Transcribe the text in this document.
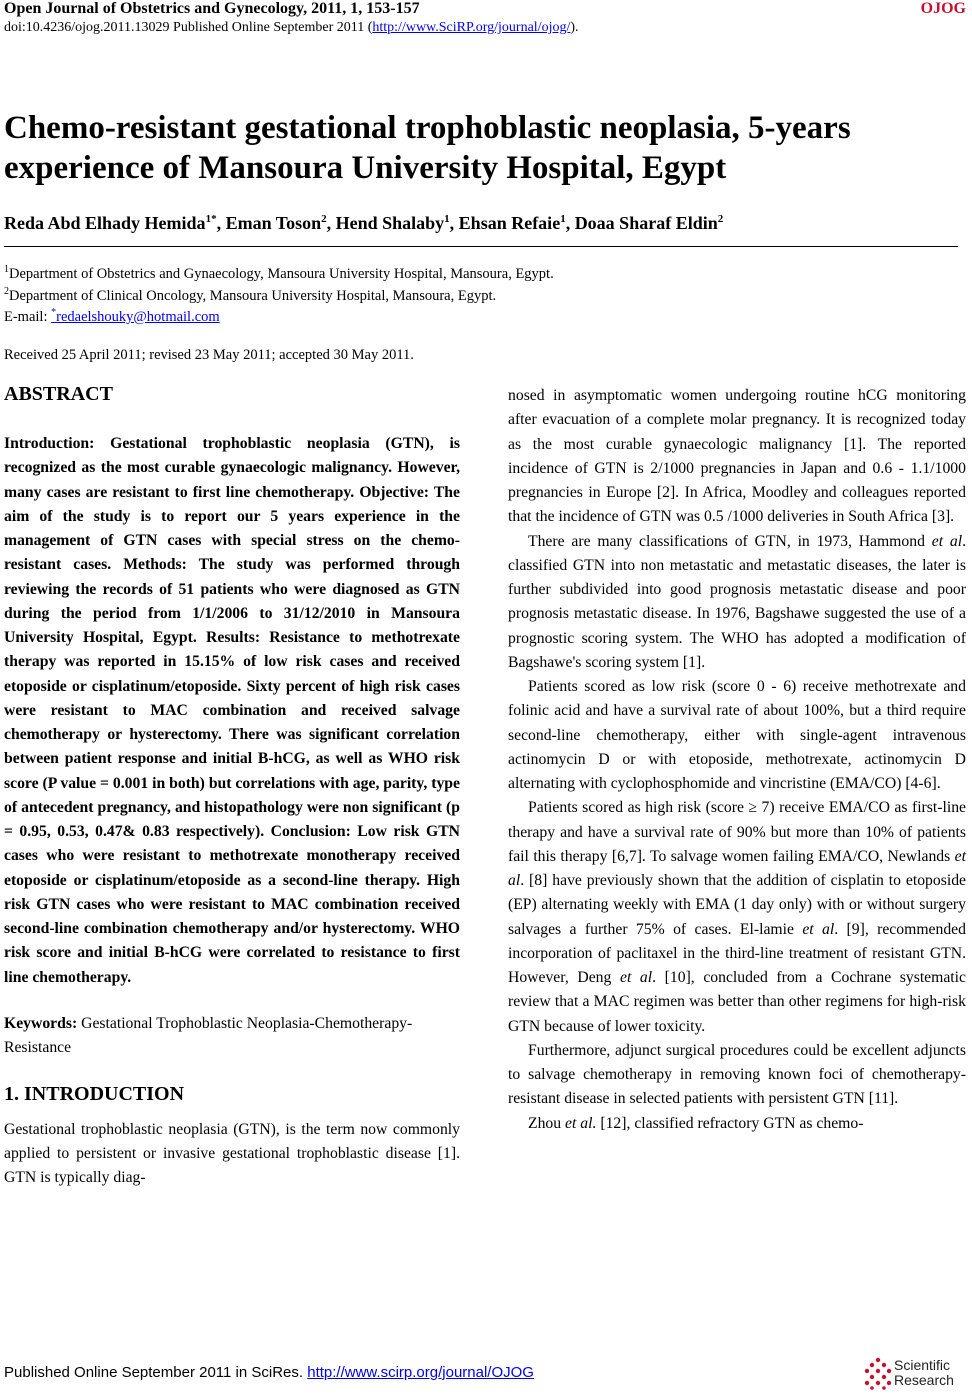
Open Journal of Obstetrics and Gynecology, 2011, 1, 153-157	OJOG
doi:10.4236/ojog.2011.13029 Published Online September 2011 (http://www.SciRP.org/journal/ojog/).
Chemo-resistant gestational trophoblastic neoplasia, 5-years experience of Mansoura University Hospital, Egypt
Reda Abd Elhady Hemida$^{1*}$, Eman Toson$^2$, Hend Shalaby$^1$, Ehsan Refaie$^1$, Doaa Sharaf Eldin$^2$
$^1$Department of Obstetrics and Gynaecology, Mansoura University Hospital, Mansoura, Egypt.
$^2$Department of Clinical Oncology, Mansoura University Hospital, Mansoura, Egypt.
E-mail: *redaelshouky@hotmail.com
Received 25 April 2011; revised 23 May 2011; accepted 30 May 2011.

ABSTRACT

Introduction: Gestational trophoblastic neoplasia (GTN), is recognized as the most curable gynaecologic malignancy. However, many cases are resistant to first line chemotherapy. Objective: The aim of the study is to report our 5 years experience in the management of GTN cases with special stress on the chemo-resistant cases. Methods: The study was performed through reviewing the records of 51 patients who were diagnosed as GTN during the period from 1/1/2006 to 31/12/2010 in Mansoura University Hospital, Egypt. Results: Resistance to methotrexate therapy was reported in 15.15% of low risk cases and received etoposide or cisplatinum/etoposide. Sixty percent of high risk cases were resistant to MAC combination and received salvage chemotherapy or hysterectomy. There was significant correlation between patient response and initial B-hCG, as well as WHO risk score (P value = 0.001 in both) but correlations with age, parity, type of antecedent pregnancy, and histopathology were non significant (p = 0.95, 0.53, 0.47& 0.83 respectively). Conclusion: Low risk GTN cases who were resistant to methotrexate monotherapy received etoposide or cisplatinum/etoposide as a second-line therapy. High risk GTN cases who were resistant to MAC combination received second-line combination chemotherapy and/or hysterectomy. WHO risk score and initial B-hCG were correlated to resistance to first line chemotherapy.

Keywords: Gestational Trophoblastic Neoplasia-Chemotherapy-Resistance

1. INTRODUCTION

Gestational trophoblastic neoplasia (GTN), is the term now commonly applied to persistent or invasive gestational trophoblastic disease [1]. GTN is typically diag-

nosed in asymptomatic women undergoing routine hCG monitoring after evacuation of a complete molar pregnancy. It is recognized today as the most curable gynaecologic malignancy [1]. The reported incidence of GTN is 2/1000 pregnancies in Japan and 0.6 - 1.1/1000 pregnancies in Europe [2]. In Africa, Moodley and colleagues reported that the incidence of GTN was 0.5 /1000 deliveries in South Africa [3].

There are many classifications of GTN, in 1973, Hammond et al. classified GTN into non metastatic and metastatic diseases, the later is further subdivided into good prognosis metastatic disease and poor prognosis metastatic disease. In 1976, Bagshawe suggested the use of a prognostic scoring system. The WHO has adopted a modification of Bagshawe's scoring system [1].

Patients scored as low risk (score 0 - 6) receive methotrexate and folinic acid and have a survival rate of about 100%, but a third require second-line chemotherapy, either with single-agent intravenous actinomycin D or with etoposide, methotrexate, actinomycin D alternating with cyclophosphomide and vincristine (EMA/CO) [4-6].

Patients scored as high risk (score ≥ 7) receive EMA/CO as first-line therapy and have a survival rate of 90% but more than 10% of patients fail this therapy [6,7]. To salvage women failing EMA/CO, Newlands et al. [8] have previously shown that the addition of cisplatin to etoposide (EP) alternating weekly with EMA (1 day only) with or without surgery salvages a further 75% of cases. El-lamie et al. [9], recommended incorporation of paclitaxel in the third-line treatment of resistant GTN. However, Deng et al. [10], concluded from a Cochrane systematic review that a MAC regimen was better than other regimens for high-risk GTN because of lower toxicity.

Furthermore, adjunct surgical procedures could be excellent adjuncts to salvage chemotherapy in removing known foci of chemotherapy-resistant disease in selected patients with persistent GTN [11].

Zhou et al. [12], classified refractory GTN as chemo-

Published Online September 2011 in SciRes. http://www.scirp.org/journal/OJOG	Scientific
Research
